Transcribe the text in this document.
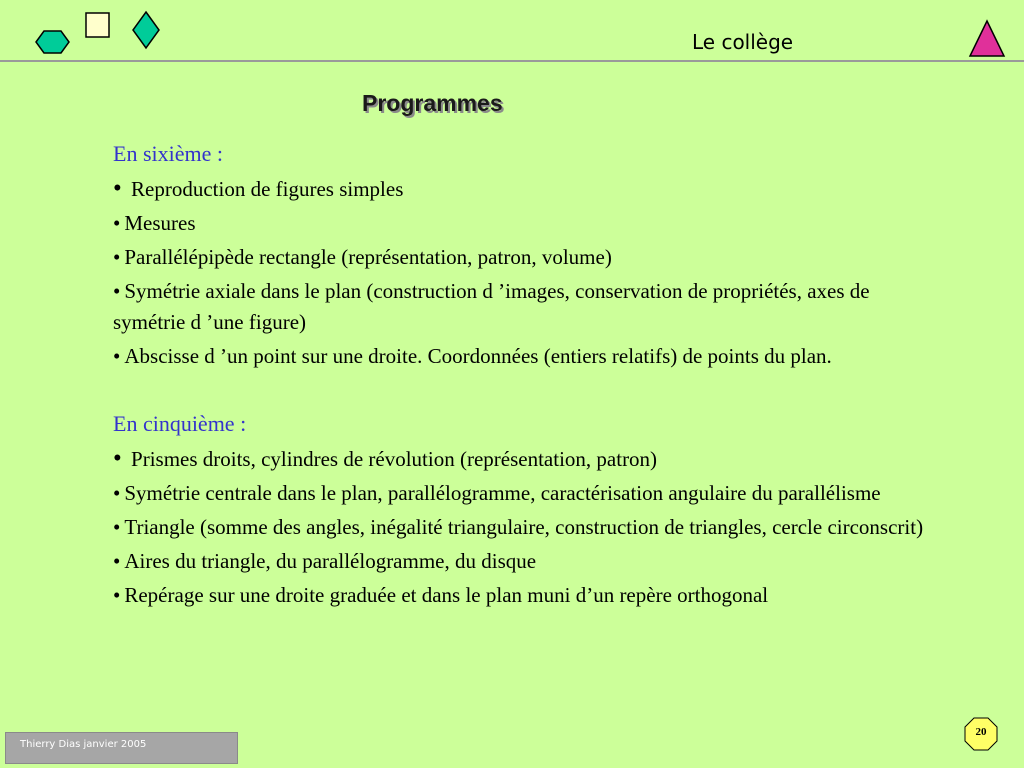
Le collège
Programmes

En sixième :

• Reproduction de figures simples

• Mesures

• Parallélépipède rectangle (représentation, patron, volume)

• Symétrie axiale dans le plan (construction d ’images, conservation de propriétés, axes de symétrie d ’une figure)

• Abscisse d ’un point sur une droite. Coordonnées (entiers relatifs) de points du plan.

En cinquième :

• Prismes droits, cylindres de révolution (représentation, patron)

• Symétrie centrale dans le plan, parallélogramme, caractérisation angulaire du parallélisme

• Triangle (somme des angles, inégalité triangulaire, construction de triangles, cercle circonscrit)

• Aires du triangle, du parallélogramme, du disque

• Repérage sur une droite graduée et dans le plan muni d’un repère orthogonal

Thierry Dias janvier 2005
20
